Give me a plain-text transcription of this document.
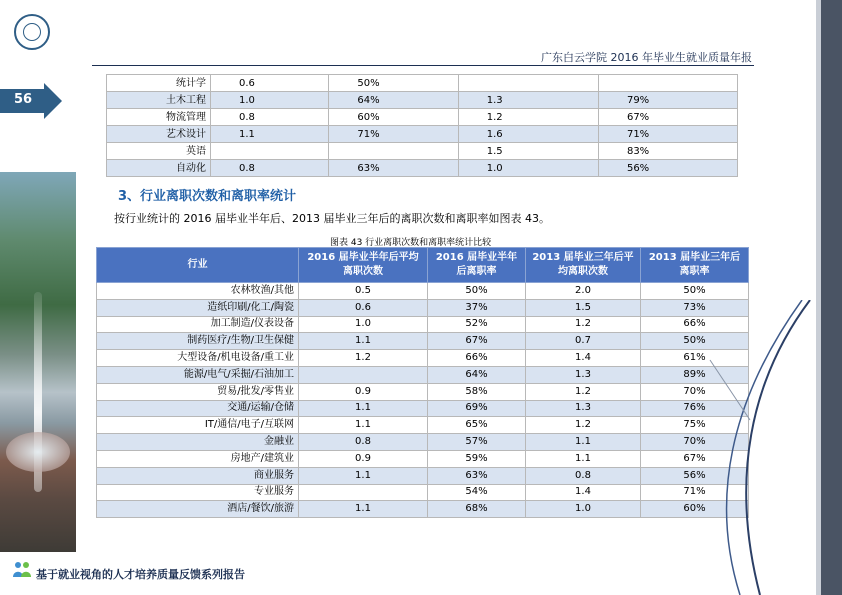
广东白云学院 2016 年毕业生就业质量年报
56
统计学	0.6	50%		
土木工程	1.0	64%	1.3	79%
物流管理	0.8	60%	1.2	67%
艺术设计	1.1	71%	1.6	71%
英语			1.5	83%
自动化	0.8	63%	1.0	56%
3、行业离职次数和离职率统计
按行业统计的 2016 届毕业半年后、2013 届毕业三年后的离职次数和离职率如图表 43。
图表 43 行业离职次数和离职率统计比较
行业	2016 届毕业半年后平均离职次数	2016 届毕业半年后离职率	2013 届毕业三年后平均离职次数	2013 届毕业三年后离职率
农林牧渔/其他	0.5	50%	2.0	50%
造纸印刷/化工/陶瓷	0.6	37%	1.5	73%
加工制造/仪表设备	1.0	52%	1.2	66%
制药医疗/生物/卫生保健	1.1	67%	0.7	50%
大型设备/机电设备/重工业	1.2	66%	1.4	61%
能源/电气/采掘/石油加工		64%	1.3	89%
贸易/批发/零售业	0.9	58%	1.2	70%
交通/运输/仓储	1.1	69%	1.3	76%
IT/通信/电子/互联网	1.1	65%	1.2	75%
金融业	0.8	57%	1.1	70%
房地产/建筑业	0.9	59%	1.1	67%
商业服务	1.1	63%	0.8	56%
专业服务		54%	1.4	71%
酒店/餐饮/旅游	1.1	68%	1.0	60%
基于就业视角的人才培养质量反馈系列报告
